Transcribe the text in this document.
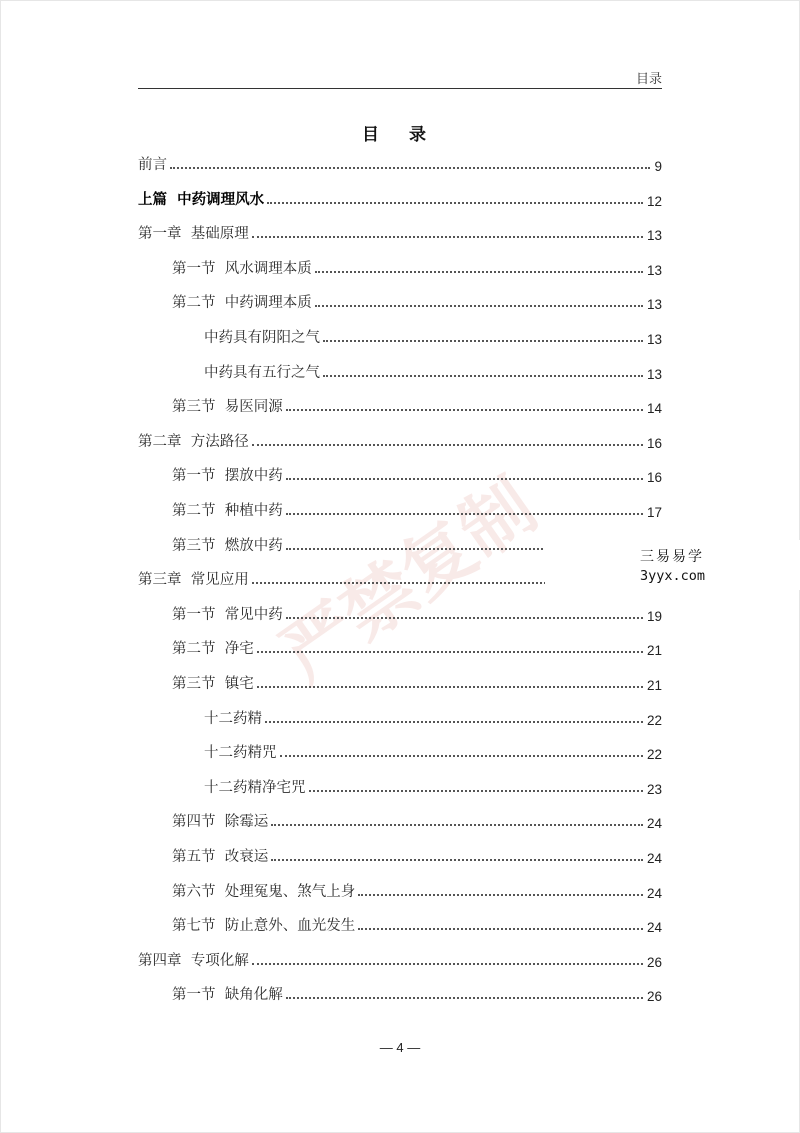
目录
目 录
严禁复制
前言	9
上篇  中药调理风水	12
第一章  基础原理	13
第一节  风水调理本质	13
第二节  中药调理本质	13
中药具有阴阳之气	13
中药具有五行之气	13
第三节  易医同源	14
第二章  方法路径	16
第一节  摆放中药	16
第二节  种植中药	17
第三节  燃放中药
第三章  常见应用
第一节  常见中药	19
第二节  净宅	21
第三节  镇宅	21
十二药精	22
十二药精咒	22
十二药精净宅咒	23
第四节  除霉运	24
第五节  改衰运	24
第六节  处理冤鬼、煞气上身	24
第七节  防止意外、血光发生	24
第四章  专项化解	26
第一节  缺角化解	26
三易易学
3yyx.com
— 4 —
